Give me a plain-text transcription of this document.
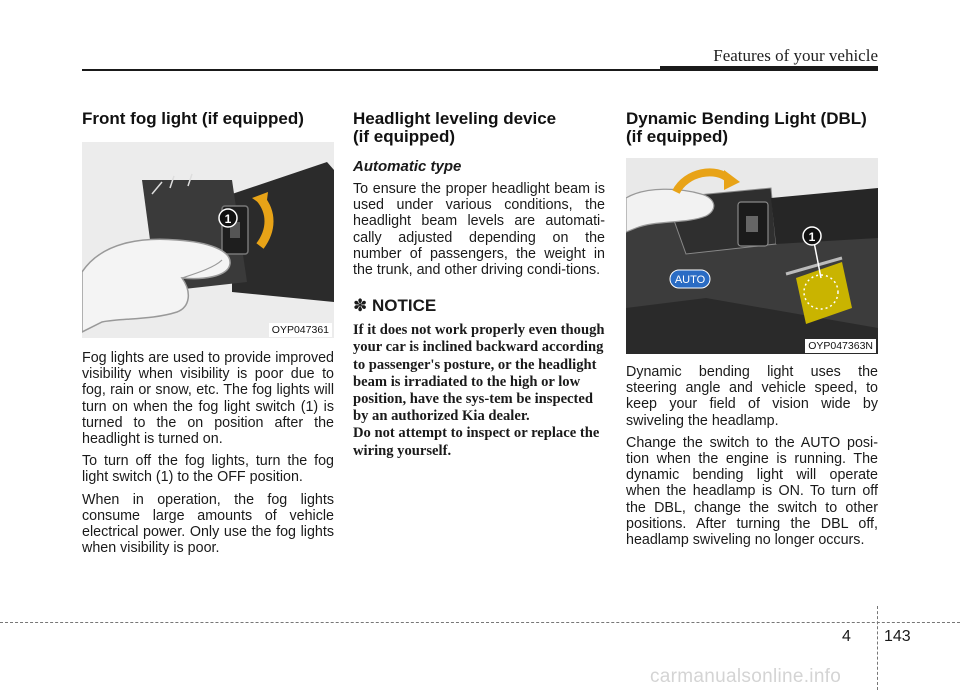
Features of your vehicle
Front fog light (if equipped)
1
OYP047361

Fog lights are used to provide improved visibility when visibility is poor due to fog, rain or snow, etc. The fog lights will turn on when the fog light switch (1) is turned to the on position after the headlight is turned on.

To turn off the fog lights, turn the fog light switch (1) to the OFF position.

When in operation, the fog lights consume large amounts of vehicle electrical power. Only use the fog lights when visibility is poor.

Headlight leveling device
(if equipped)
Automatic type

To ensure the proper headlight beam is used under various conditions, the headlight beam levels are automati-cally adjusted depending on the number of passengers, the weight in the trunk, and other driving condi-tions.

✽ NOTICE

If it does not work properly even though your car is inclined backward according to passenger's posture, or the headlight beam is irradiated to the high or low position, have the sys-tem be inspected by an authorized Kia dealer.

Do not attempt to inspect or replace the wiring yourself.

Dynamic Bending Light (DBL)
(if equipped)
AUTO
1
OYP047363N

Dynamic bending light uses the steering angle and vehicle speed, to keep your field of vision wide by swiveling the headlamp.

Change the switch to the AUTO posi-tion when the engine is running. The dynamic bending light will operate when the headlamp is ON. To turn off the DBL, change the switch to other positions. After turning the DBL off, headlamp swiveling no longer occurs.

4 143
carmanualsonline.info
